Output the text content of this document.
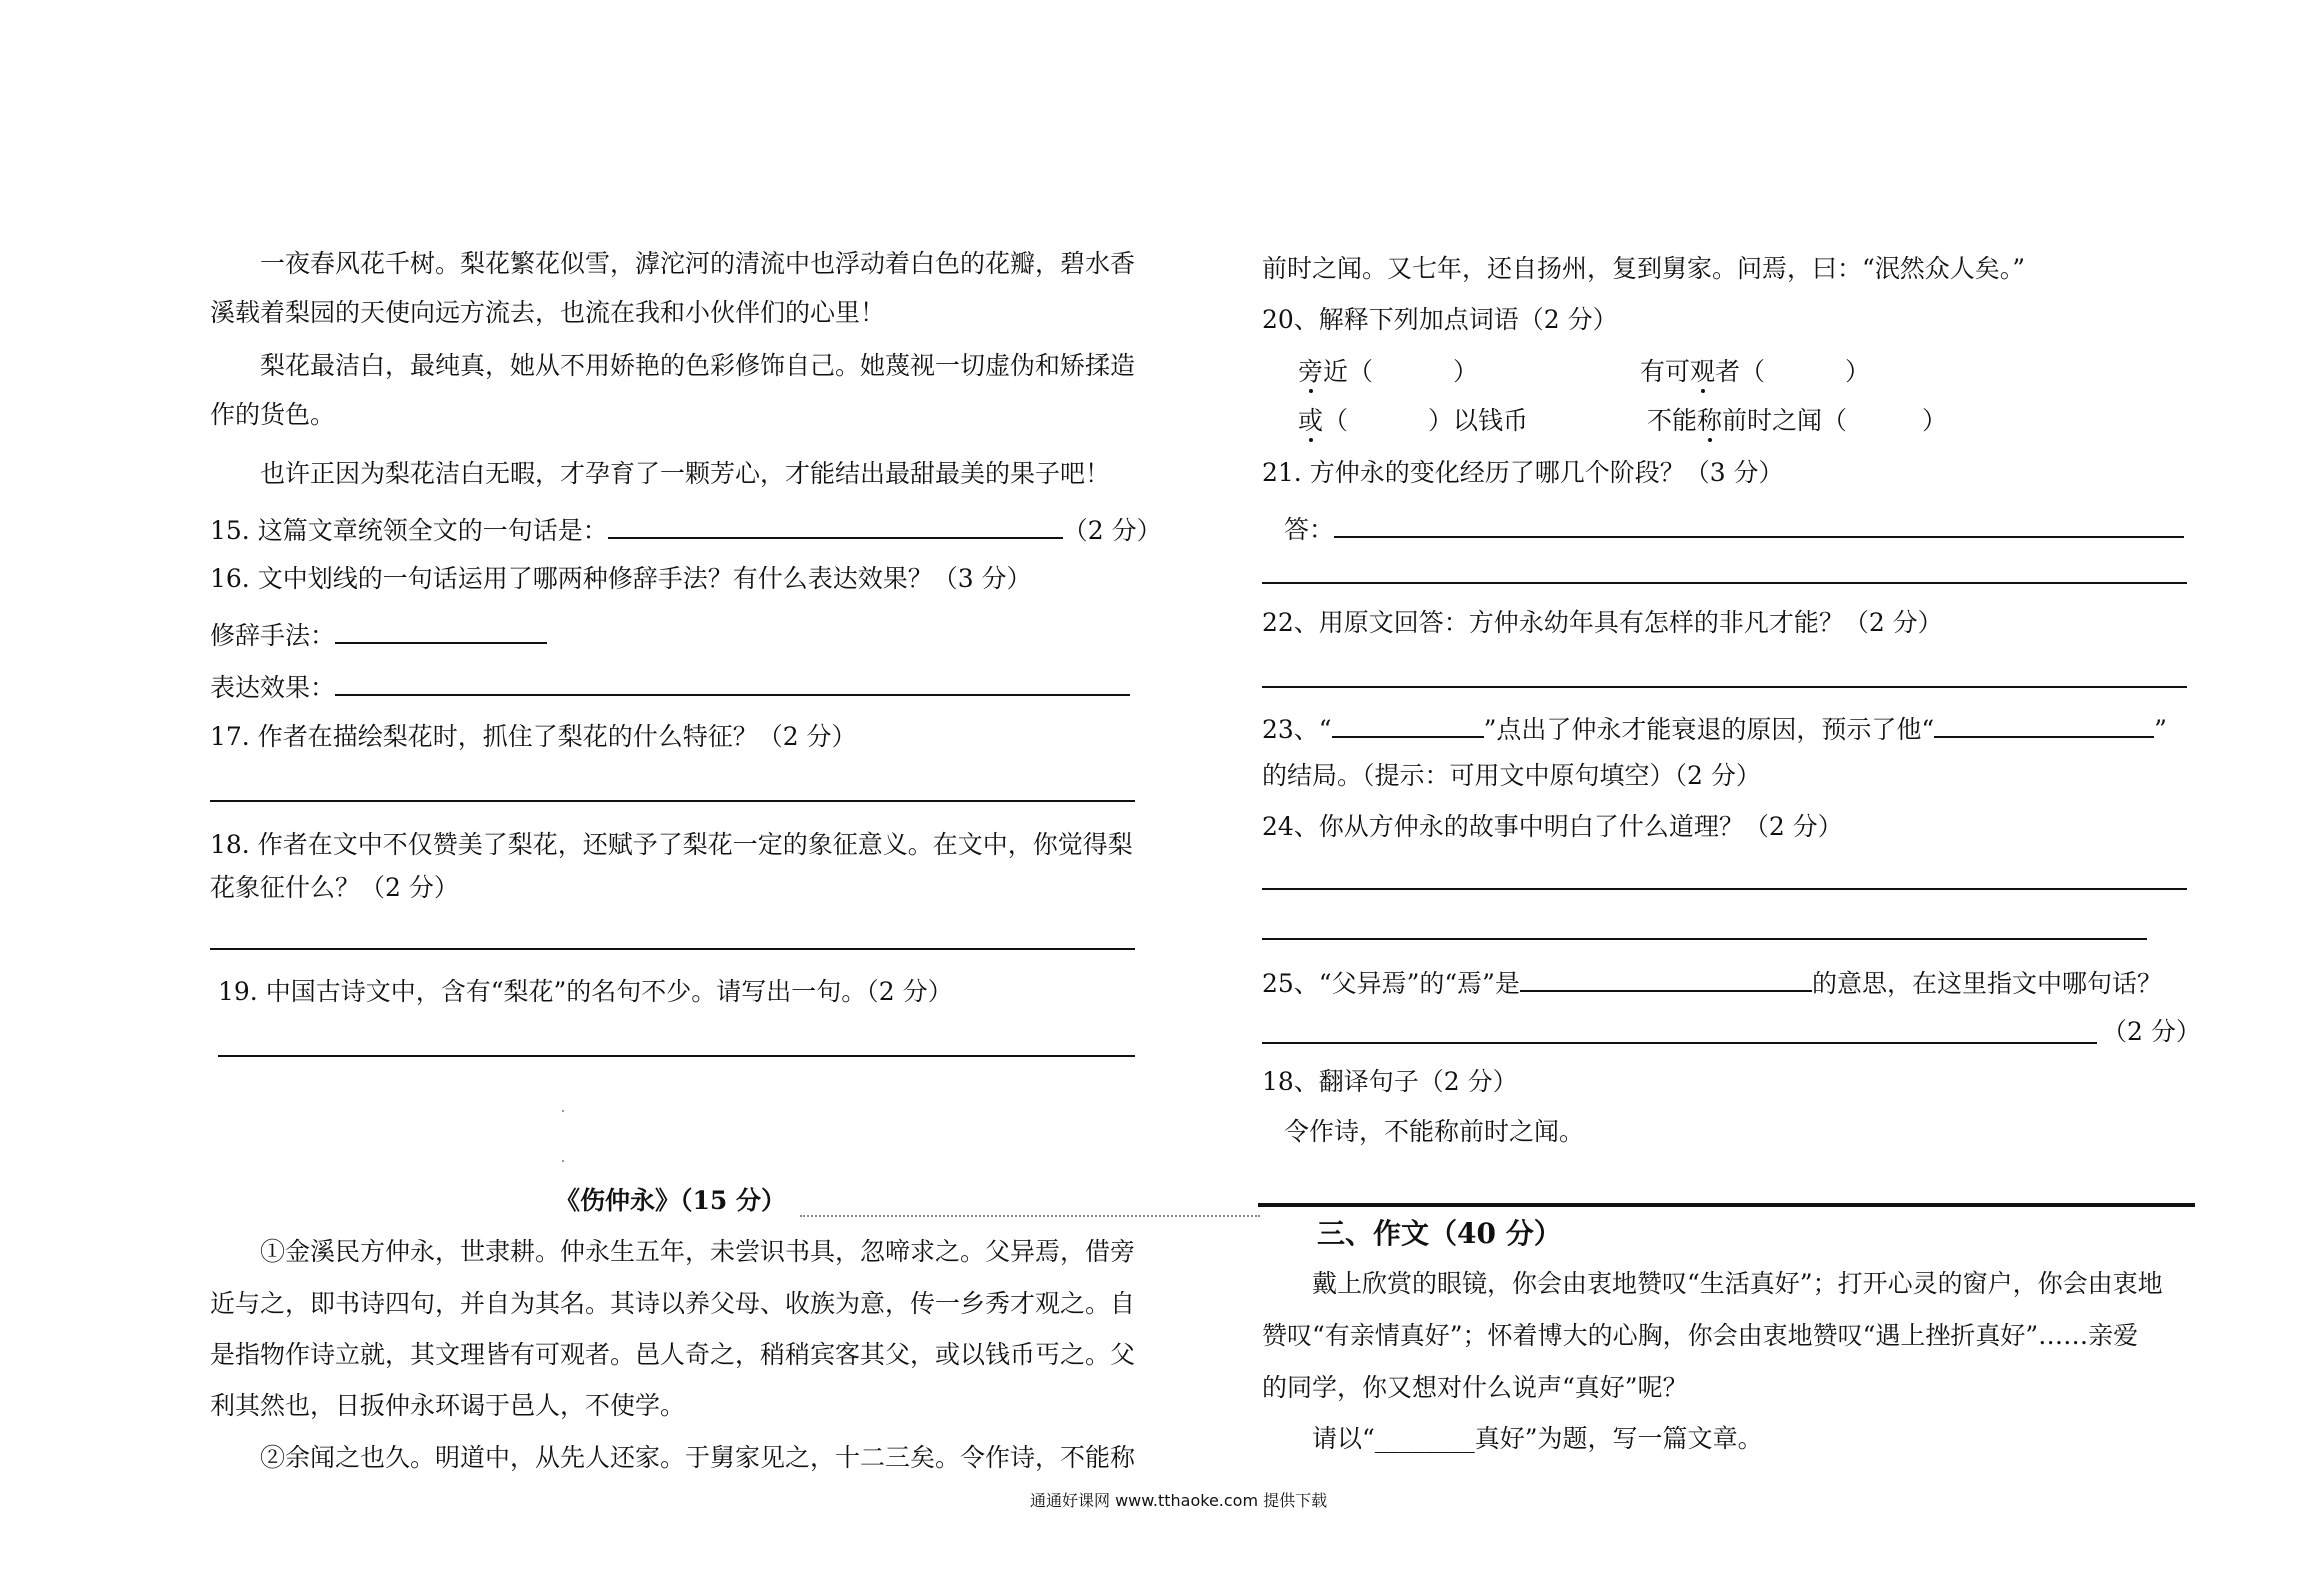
一夜春风花千树。梨花繁花似雪，滹沱河的清流中也浮动着白色的花瓣，碧水香
溪载着梨园的天使向远方流去，也流在我和小伙伴们的心里！
梨花最洁白，最纯真，她从不用娇艳的色彩修饰自己。她蔑视一切虚伪和矫揉造
作的货色。
也许正因为梨花洁白无暇，才孕育了一颗芳心，才能结出最甜最美的果子吧！
15. 这篇文章统领全文的一句话是：	（2 分）
16. 文中划线的一句话运用了哪两种修辞手法？有什么表达效果？（3 分）
修辞手法：
表达效果：
17. 作者在描绘梨花时，抓住了梨花的什么特征？（2 分）
18. 作者在文中不仅赞美了梨花，还赋予了梨花一定的象征意义。在文中，你觉得梨
花象征什么？（2 分）
19. 中国古诗文中，含有“梨花”的名句不少。请写出一句。（2 分）
《伤仲永》（15 分）
①金溪民方仲永，世隶耕。仲永生五年，未尝识书具，忽啼求之。父异焉，借旁
近与之，即书诗四句，并自为其名。其诗以养父母、收族为意，传一乡秀才观之。自
是指物作诗立就，其文理皆有可观者。邑人奇之，稍稍宾客其父，或以钱币丐之。父
利其然也，日扳仲永环谒于邑人，不使学。
②余闻之也久。明道中，从先人还家。于舅家见之，十二三矣。令作诗，不能称
前时之闻。又七年，还自扬州，复到舅家。问焉，曰：“泯然众人矣。”
20、解释下列加点词语（2 分）
旁近（	）	有可观者（	）
或（	）以钱币	不能称前时之闻（	）
21. 方仲永的变化经历了哪几个阶段？（3 分）
答：
22、用原文回答：方仲永幼年具有怎样的非凡才能？（2 分）
23、“	”点出了仲永才能衰退的原因，预示了他“	”
的结局。（提示：可用文中原句填空）（2 分）
24、你从方仲永的故事中明白了什么道理？（2 分）
25、“父异焉”的“焉”是	的意思，在这里指文中哪句话？
（2 分）
18、翻译句子（2 分）
令作诗，不能称前时之闻。
三、作文（40 分）
戴上欣赏的眼镜，你会由衷地赞叹“生活真好”；打开心灵的窗户，你会由衷地
赞叹“有亲情真好”；怀着博大的心胸，你会由衷地赞叹“遇上挫折真好”……亲爱
的同学，你又想对什么说声“真好”呢？
请以“________真好”为题，写一篇文章。
通通好课网 www.tthaoke.com 提供下载
